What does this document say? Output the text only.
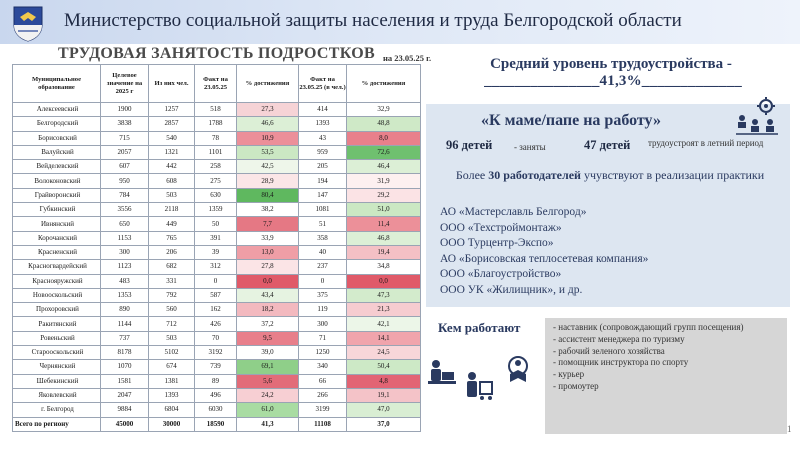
Министерство социальной защиты населения и труда Белгородской области
ТРУДОВАЯ ЗАНЯТОСТЬ ПОДРОСТКОВ на 23.05.25 г.
Муниципальное образование	Целевое значение на 2025 г	Из них чел.	Факт на 23.05.25	% достижения	Факт на 23.05.25 (в чел.)	% достижения
Алексеевский	1900	1257	518	27,3	414	32,9
Белгородский	3838	2857	1788	46,6	1393	48,8
Борисовский	715	540	78	10,9	43	8,0
Валуйский	2057	1321	1101	53,5	959	72,6
Вейделевский	607	442	258	42,5	205	46,4
Волоконовский	950	608	275	28,9	194	31,9
Грайворонский	784	503	630	80,4	147	29,2
Губкинский	3556	2118	1359	38,2	1081	51,0
Ивнянский	650	449	50	7,7	51	11,4
Корочанский	1153	765	391	33,9	358	46,8
Красненский	300	206	39	13,0	40	19,4
Красногвардейский	1123	682	312	27,8	237	34,8
Краснояружский	483	331	0	0,0	0	0,0
Новооскольский	1353	792	587	43,4	375	47,3
Прохоровский	890	560	162	18,2	119	21,3
Ракитянский	1144	712	426	37,2	300	42,1
Ровеньский	737	503	70	9,5	71	14,1
Старооскольский	8178	5102	3192	39,0	1250	24,5
Чернянский	1070	674	739	69,1	340	50,4
Шебекинский	1581	1381	89	5,6	66	4,8
Яковлевский	2047	1393	496	24,2	266	19,1
г. Белгород	9884	6804	6030	61,0	3199	47,0
Всего по региону	45000	30000	18590	41,3	11108	37,0
Средний уровень трудоустройства -
_______________41,3%_____________
«К маме/папе на работу»
96 детей - заняты	47 детей трудоустроят в летний период
Более 30 работодателей учувствуют в реализации практики
АО «Мастерславль Белгород»
ООО «Техстроймонтаж»
ООО Турцентр-Экспо»
АО «Борисовская теплосетевая компания»
ООО «Благоустройство»
ООО УК «Жилищник», и др.
Кем работают	- наставник (сопровождающий групп посещения)
- ассистент менеджера по туризму
- рабочий зеленого хозяйства
- помощник инструктора по спорту
- курьер
- промоутер
1
